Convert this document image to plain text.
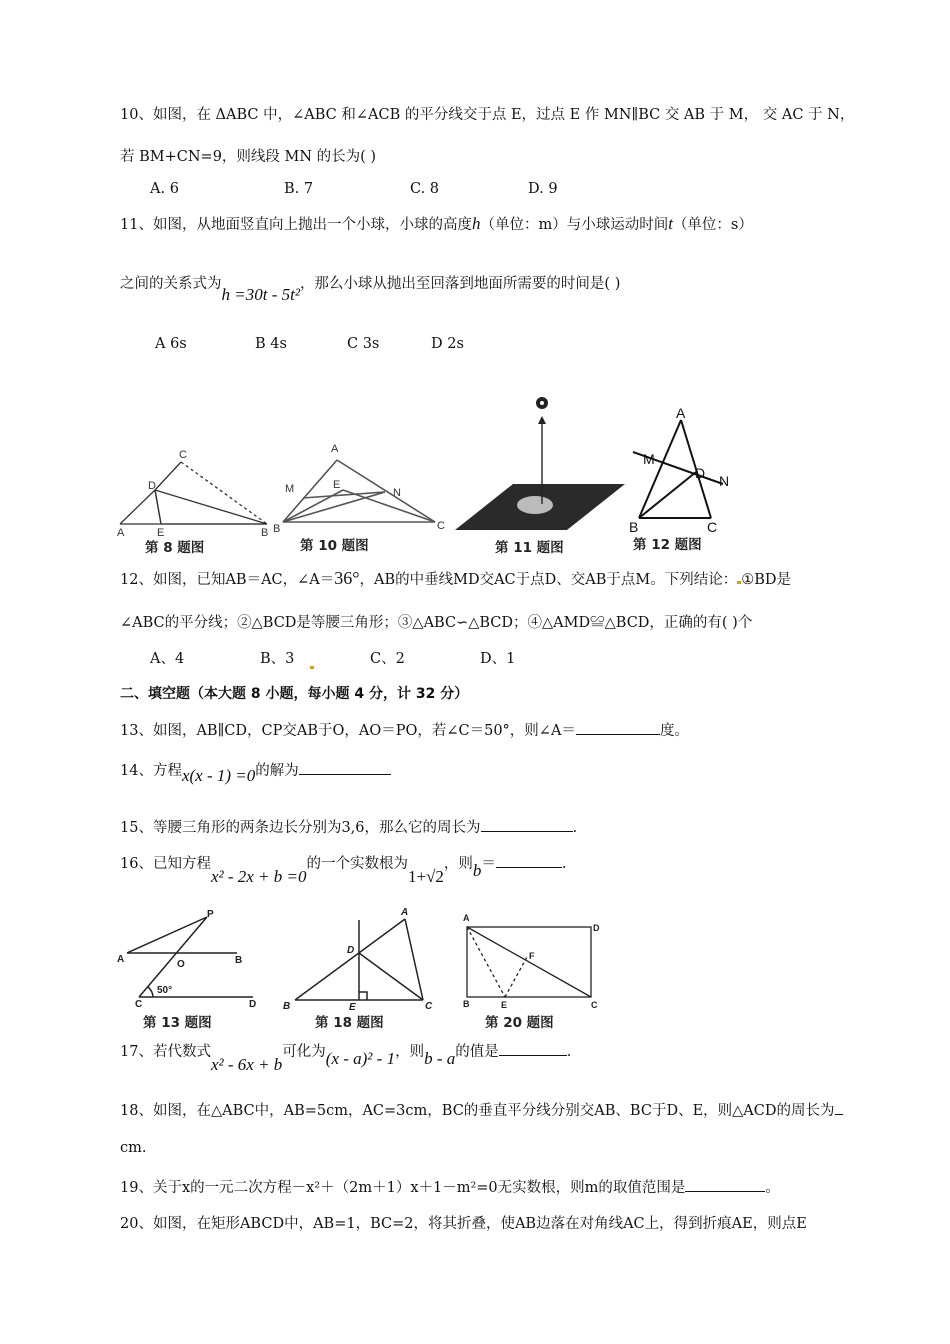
10、如图，在 ΔABC 中，∠ABC 和∠ACB 的平分线交于点 E，过点 E 作 MN∥BC 交 AB 于 M， 交 AC 于 N，
若 BM+CN=9，则线段 MN 的长为( )
A. 6	B. 7	C. 8	D. 9
11、如图，从地面竖直向上抛出一个小球，小球的高度h（单位：m）与小球运动时间t（单位：s）
之间的关系式为h =30t - 5t²，那么小球从抛出至回落到地面所需要的时间是( )
A 6s	B 4s	C 3s	D 2s
C
D
A	E	B
第 8 题图
A
M	E
N
B	C
第 10 题图	第 11 题图
A
M
D N
B	C
第 12 题图
12、如图，已知AB＝AC，∠A＝36°，AB的中垂线MD交AC于点D、交AB于点M。下列结论： ①BD是
∠ABC的平分线；②△BCD是等腰三角形；③△ABC∽△BCD；④△AMD≌△BCD，正确的有( )个
A、4	B、3	C、2	D、1
二、填空题（本大题 8 小题，每小题 4 分，计 32 分）
13、如图，AB∥CD，CP交AB于O，AO＝PO，若∠C＝50°，则∠A＝	度。
14、方程x(x - 1) =0的解为
15、等腰三角形的两条边长分别为3,6，那么它的周长为	.
16、已知方程x² - 2x + b =0的一个实数根为1+√2，则b＝	.
P
A	O	B
C
50°
D
第 13 题图
A
D
B	E	C
第 18 题图
A
D
F
B	E	C
第 20 题图
17、若代数式x² - 6x + b可化为(x - a)² - 1，则b - a的值是	.
18、如图，在△ABC中，AB=5cm，AC=3cm，BC的垂直平分线分别交AB、BC于D、E，则△ACD的周长为
cm.
19、关于x的一元二次方程－x²＋（2m＋1）x＋1－m²=0无实数根，则m的取值范围是	。
20、如图，在矩形ABCD中，AB=1，BC=2，将其折叠，使AB边落在对角线AC上，得到折痕AE，则点E
